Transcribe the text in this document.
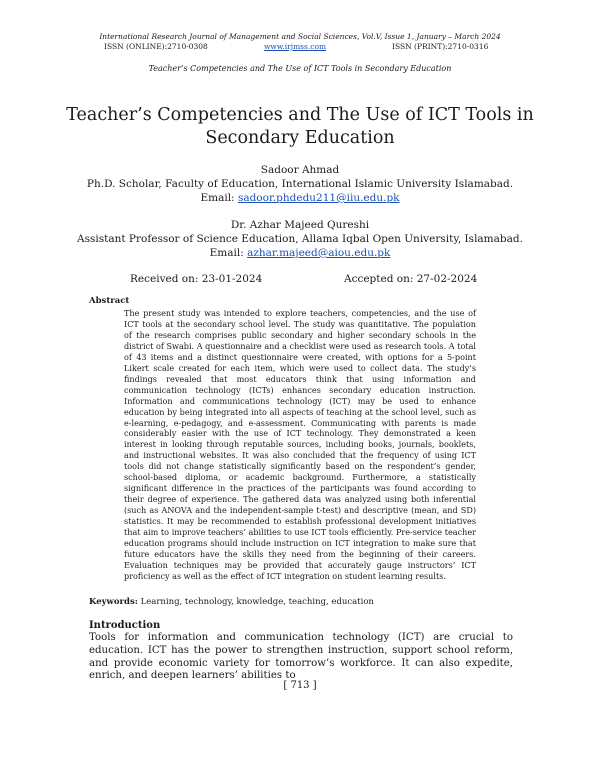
International Research Journal of Management and Social Sciences, Vol.V, Issue 1, January – March 2024
ISSN (ONLINE):2710-0308	www.irjmss.com	ISSN (PRINT):2710-0316
Teacher’s Competencies and The Use of ICT Tools in Secondary Education
Teacher’s Competencies and The Use of ICT Tools in
Secondary Education
Sadoor Ahmad
Ph.D. Scholar, Faculty of Education, International Islamic University Islamabad.
Email: sadoor.phdedu211@iiu.edu.pk
Dr. Azhar Majeed Qureshi
Assistant Professor of Science Education, Allama Iqbal Open University, Islamabad.
Email: azhar.majeed@aiou.edu.pk
Received on: 23-01-2024	Accepted on: 27-02-2024
Abstract
The present study was intended to explore teachers, competencies, and the use of ICT tools at the secondary school level. The study was quantitative. The population of the research comprises public secondary and higher secondary schools in the district of Swabi. A questionnaire and a checklist were used as research tools. A total of 43 items and a distinct questionnaire were created, with options for a 5-point Likert scale created for each item, which were used to collect data. The study’s findings revealed that most educators think that using information and communication technology (ICTs) enhances secondary education instruction. Information and communications technology (ICT) may be used to enhance education by being integrated into all aspects of teaching at the school level, such as e-learning, e-pedagogy, and e-assessment. Communicating with parents is made considerably easier with the use of ICT technology. They demonstrated a keen interest in looking through reputable sources, including books, journals, booklets, and instructional websites. It was also concluded that the frequency of using ICT tools did not change statistically significantly based on the respondent’s gender, school-based diploma, or academic background. Furthermore, a statistically significant difference in the practices of the participants was found according to their degree of experience. The gathered data was analyzed using both inferential (such as ANOVA and the independent-sample t-test) and descriptive (mean, and SD) statistics. It may be recommended to establish professional development initiatives that aim to improve teachers’ abilities to use ICT tools efficiently. Pre-service teacher education programs should include instruction on ICT integration to make sure that future educators have the skills they need from the beginning of their careers. Evaluation techniques may be provided that accurately gauge instructors’ ICT proficiency as well as the effect of ICT integration on student learning results.
Keywords: Learning, technology, knowledge, teaching, education
Introduction
Tools for information and communication technology (ICT) are crucial to education. ICT has the power to strengthen instruction, support school reform, and provide economic variety for tomorrow’s workforce. It can also expedite, enrich, and deepen learners’ abilities to
[ 713 ]
